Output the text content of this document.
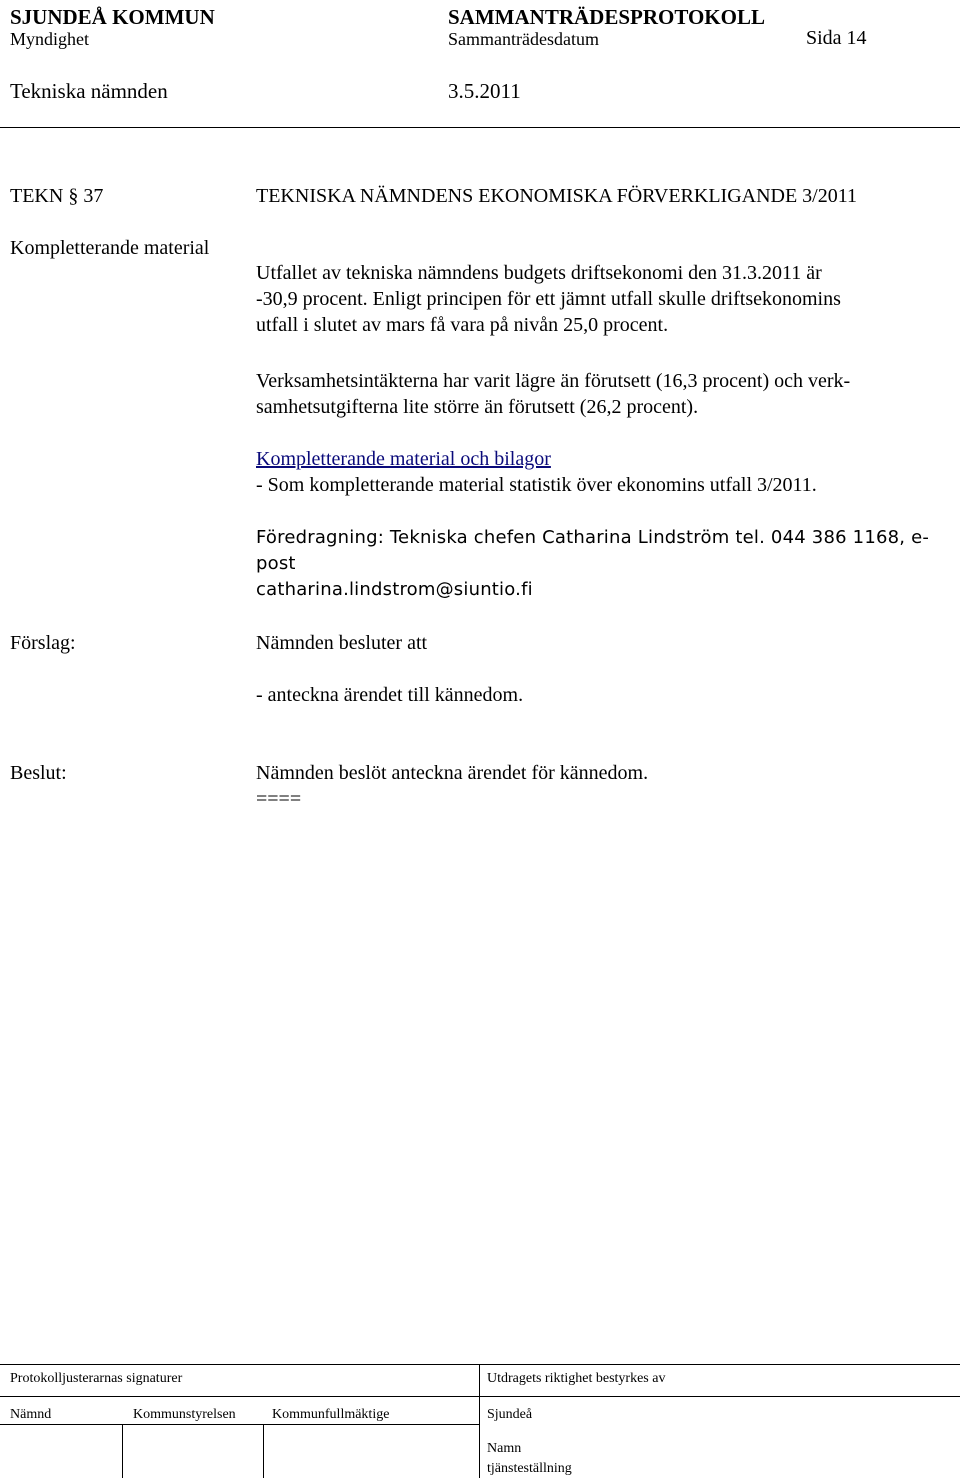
SJUNDEÅ KOMMUN	SAMMANTRÄDESPROTOKOLL
Myndighet	Sammanträdesdatum	Sida 14
Tekniska nämnden	3.5.2011
TEKN § 37	TEKNISKA NÄMNDENS EKONOMISKA FÖRVERKLIGANDE 3/2011
Kompletterande material
Utfallet av tekniska nämndens budgets driftsekonomi den 31.3.2011 är
-30,9 procent. Enligt principen för ett jämnt utfall skulle driftsekonomins
utfall i slutet av mars få vara på nivån 25,0 procent.
Verksamhetsintäkterna har varit lägre än förutsett (16,3 procent) och verk-
samhetsutgifterna lite större än förutsett (26,2 procent).
Kompletterande material och bilagor
- Som kompletterande material statistik över ekonomins utfall 3/2011.
Föredragning: Tekniska chefen Catharina Lindström tel. 044 386 1168, e-
post
catharina.lindstrom@siuntio.fi
Förslag:	Nämnden besluter att
- anteckna ärendet till kännedom.
Beslut:	Nämnden beslöt anteckna ärendet för kännedom.
====
Protokolljusterarnas signaturer	Utdragets riktighet bestyrkes av
Nämnd	Kommunstyrelsen	Kommunfullmäktige	Sjundeå
Namn
tjänsteställning
